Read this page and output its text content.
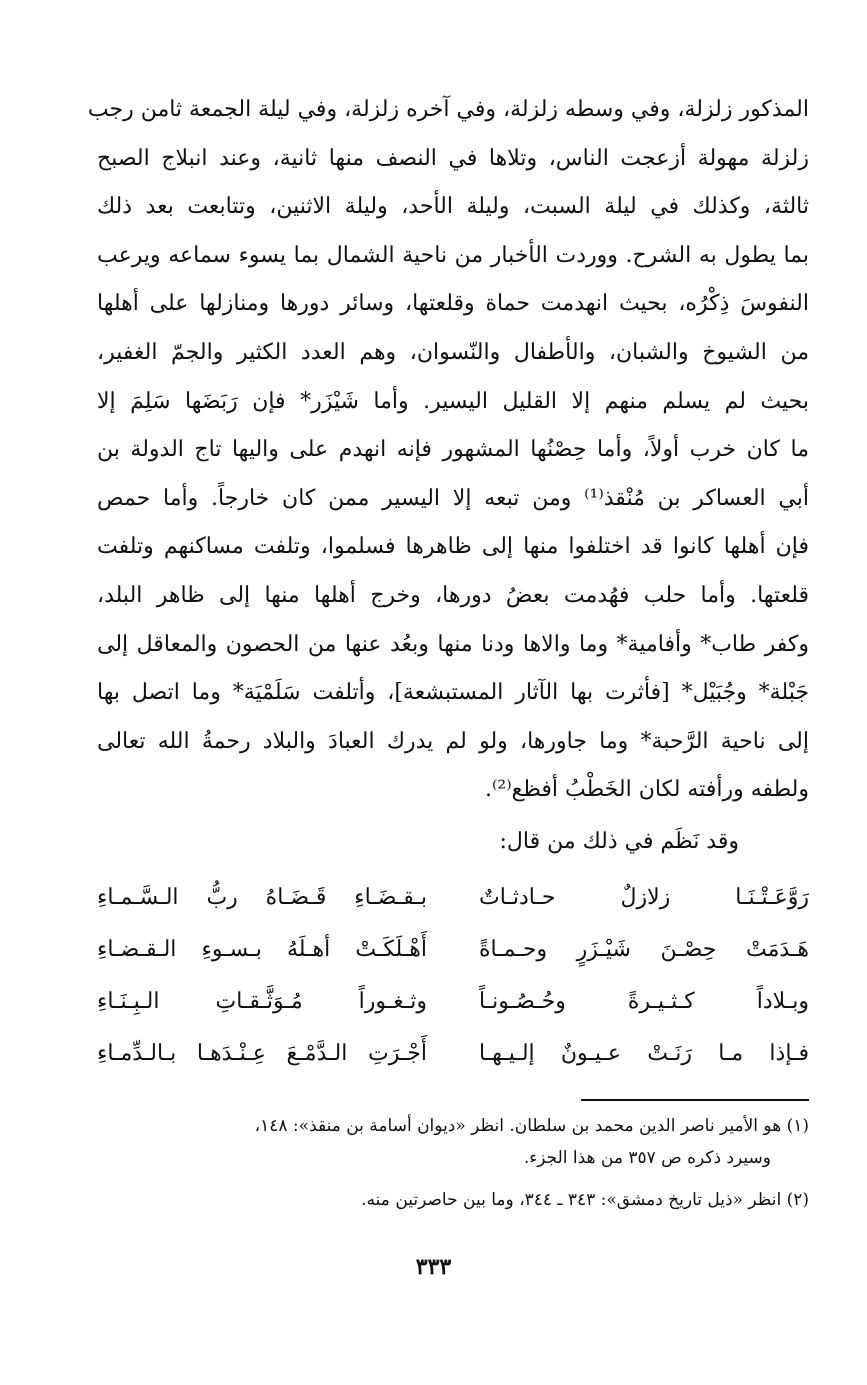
المذكور زلزلة، وفي وسطه زلزلة، وفي آخره زلزلة، وفي ليلة الجمعة ثامن رجب
زلزلة مهولة أزعجت الناس، وتلاها في النصف منها ثانية، وعند انبلاج الصبح
ثالثة، وكذلك في ليلة السبت، وليلة الأحد، وليلة الاثنين، وتتابعت بعد ذلك
بما يطول به الشرح. ووردت الأخبار من ناحية الشمال بما يسوء سماعه ويرعب
النفوسَ ذِكْرُه، بحيث انهدمت حماة وقلعتها، وسائر دورها ومنازلها على أهلها
من الشيوخ والشبان، والأطفال والنّسوان، وهم العدد الكثير والجمّ الغفير،
بحيث لم يسلم منهم إلا القليل اليسير. وأما شَيْزَر* فإن رَبَضَها سَلِمَ إلا
ما كان خرب أولاً، وأما حِصْنُها المشهور فإنه انهدم على واليها تاج الدولة بن
أبي العساكر بن مُنْقذ⁽¹⁾ ومن تبعه إلا اليسير ممن كان خارجاً. وأما حمص
فإن أهلها كانوا قد اختلفوا منها إلى ظاهرها فسلموا، وتلفت مساكنهم وتلفت
قلعتها. وأما حلب فهُدمت بعضُ دورها، وخرج أهلها منها إلى ظاهر البلد،
وكفر طاب* وأفامية* وما والاها ودنا منها وبعُد عنها من الحصون والمعاقل إلى
جَبْلة* وجُبَيْل* [فأثرت بها الآثار المستبشعة]، وأتلفت سَلَمْيَة* وما اتصل بها
إلى ناحية الرَّحبة* وما جاورها، ولو لم يدرك العبادَ والبلاد رحمةُ الله تعالى
ولطفه ورأفته لكان الخَطْبُ أفظع⁽²⁾.
وقد نَظَم في ذلك من قال:
رَوَّعَـتْـنَـا زلازلٌ حـادثـاتٌ
بـقـضَـاءِ قَـضَـاهُ ربُّ الـسَّـمـاءِ
هَـدَمَتْ حِصْـنَ شَيْـزَرٍ وحـمـاةً
أَهْـلَكَـتْ أهـلَهُ بـسـوءِ الـقـضـاءِ
وبـلاداً كـثـيـرةً وحُـصُـونـاً
وثـغـوراً مُـوَثَّـقـاتِ الـبِـنَـاءِ
فـإذا مـا رَنَـتْ عـيـونٌ إلـيـهـا
أَجْـرَتِ الـدَّمْـعَ عِـنْـدَهـا بـالـدِّمـاءِ
(١) هو الأمير ناصر الدين محمد بن سلطان. انظر «ديوان أسامة بن منقذ»: ١٤٨،
وسيرد ذكره ص ٣٥٧ من هذا الجزء.
(٢) انظر «ذيل تاريخ دمشق»: ٣٤٣ ـ ٣٤٤، وما بين حاصرتين منه.
٣٣٣
